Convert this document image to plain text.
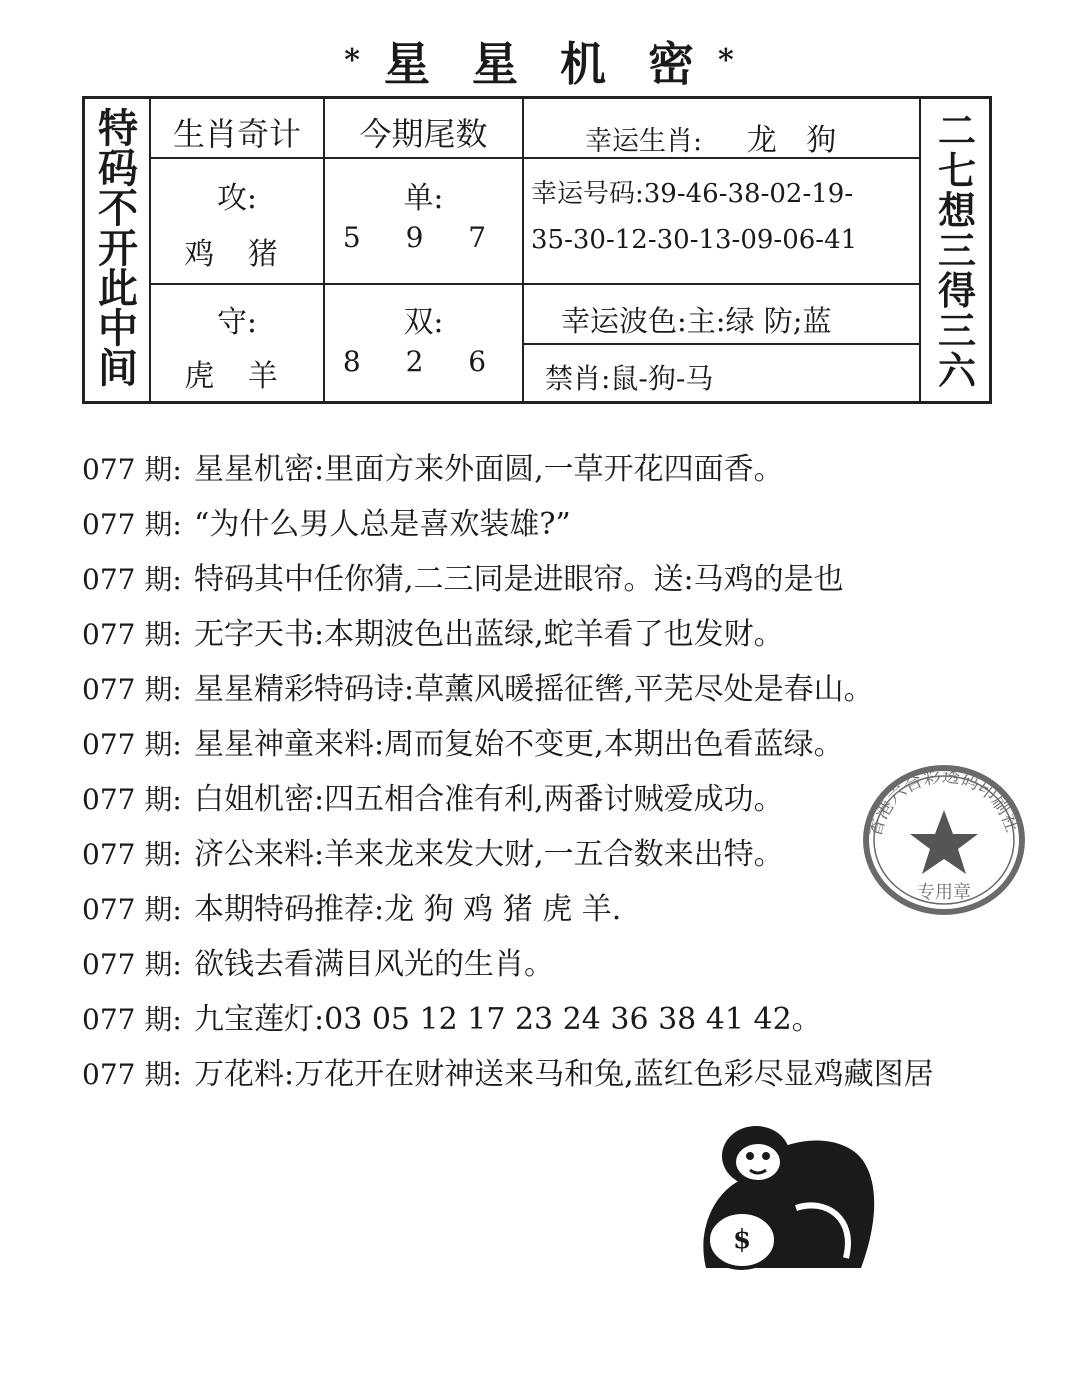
* 星 星 机 密 *
特
码
不
开
此
中
间
生肖奇计	今期尾数
攻:
鸡 猪
守:
虎 羊
单:
5 9 7
双:
8 2 6
幸运生肖: 龙 狗
幸运号码:39-46-38-02-19-
35-30-12-30-13-09-06-41
幸运波色:主:绿 防;蓝
禁肖:鼠-狗-马
二
七
想
三
得
三
六
077 期: 星星机密:里面方来外面圆,一草开花四面香。
077 期: “为什么男人总是喜欢装雄?”
077 期: 特码其中任你猜,二三同是进眼帘。送:马鸡的是也
077 期: 无字天书:本期波色出蓝绿,蛇羊看了也发财。
077 期: 星星精彩特码诗:草薰风暖摇征辔,平芜尽处是春山。
077 期: 星星神童来料:周而复始不变更,本期出色看蓝绿。
077 期: 白姐机密:四五相合准有利,两番讨贼爱成功。
077 期: 济公来料:羊来龙来发大财,一五合数来出特。
077 期: 本期特码推荐:龙 狗 鸡 猪 虎 羊.
077 期: 欲钱去看满目风光的生肖。
077 期: 九宝莲灯:03 05 12 17 23 24 36 38 41 42。
077 期: 万花料:万花开在财神送来马和兔,蓝红色彩尽显鸡藏图居
香港六合彩透码印刷社
专用章
$
